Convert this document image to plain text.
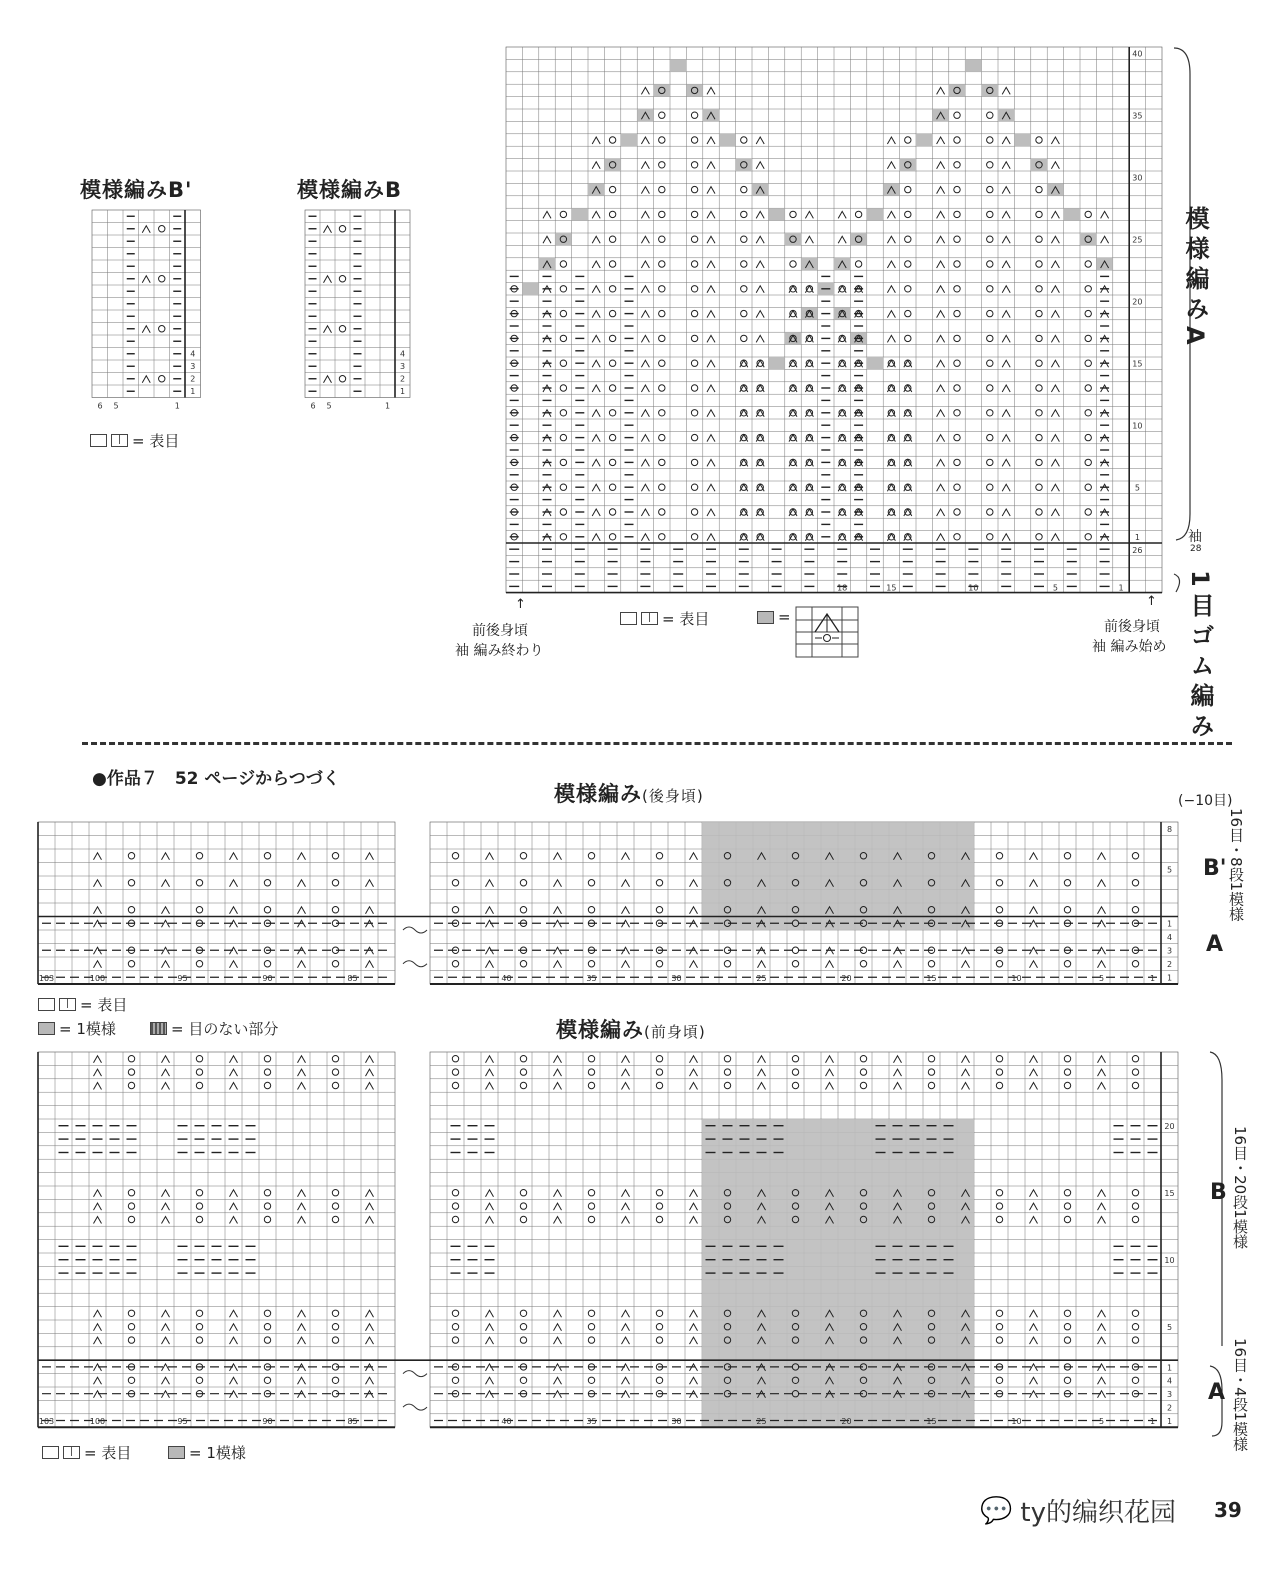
模様編みB'
4
3
2
1
6 5	1
| = 表目
模様編みB
4
3
2
1
6 5	1
40
35
30
25
20
15
10
5
1
26
18	15	10	5	1
模様編みA
1目ゴム編み
袖
前後身頃
袖 編み終わり
↑
前後身頃
袖 編み始め
↑
| = 表目	=
●作品７　52 ページからつづく
模様編み(後身頃)	(−10目)
8
5
1
4
3
2
1
103	100	95	90	85	40	35	30	25	20	15	10	5	1
B' 16目・8段1模様
A
| = 表目
= 1模様	= 目のない部分	模様編み(前身頃)
20
15
10
5
1
4
3
2
1
103	100	95	90	85	40	35	30	25	20	15	10	5	1
B 16目・20段1模様
A 16目・4段1模様
| = 表目	= 1模様
💬 ty的编织花园 39
28
